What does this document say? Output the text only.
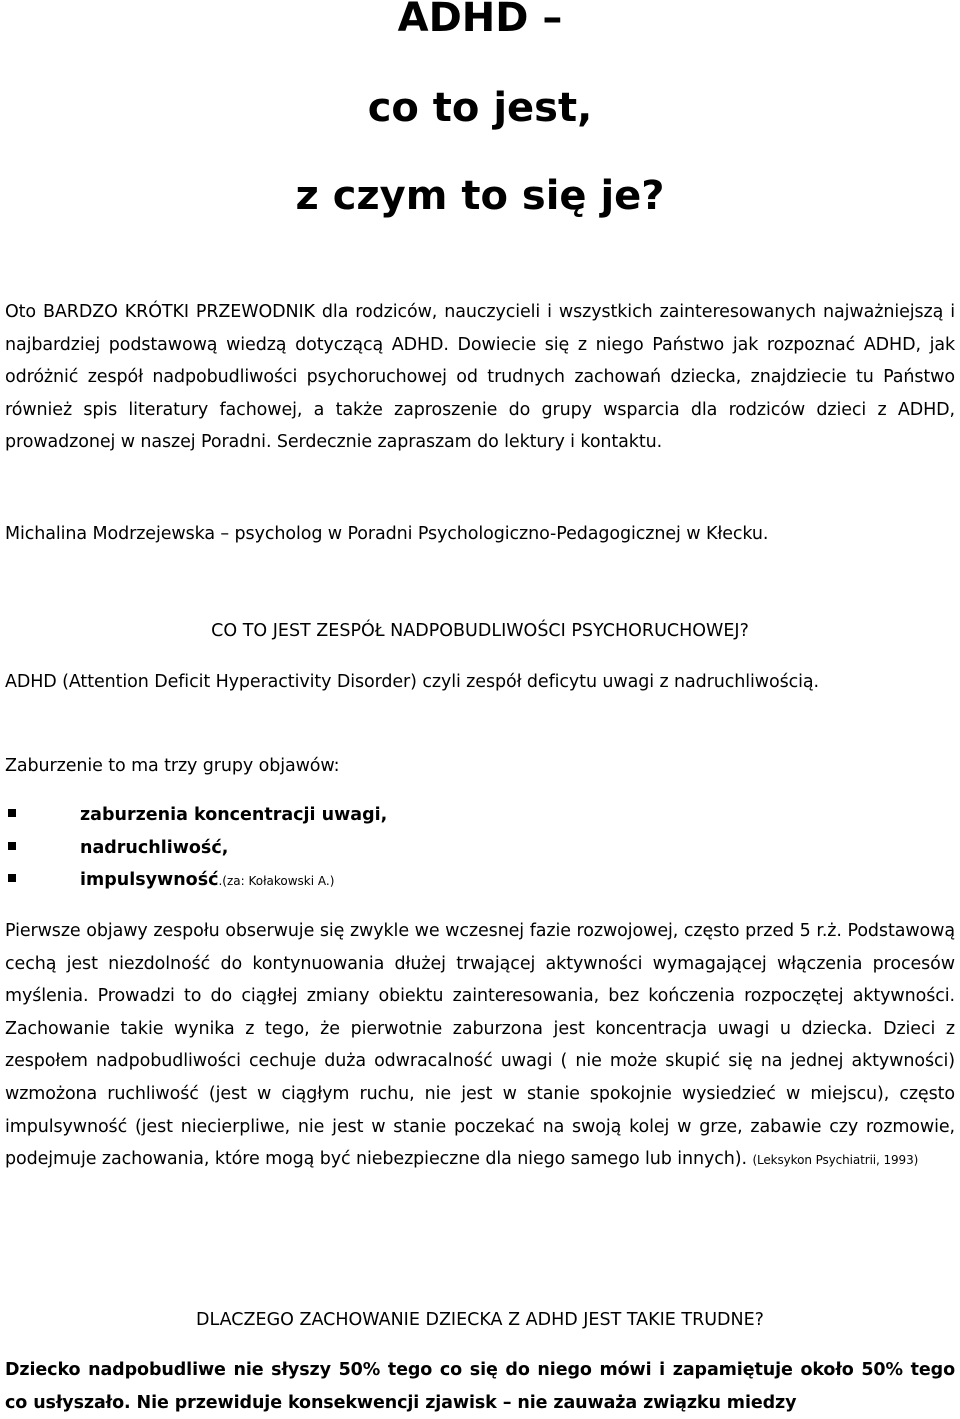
ADHD –
co to jest,
z czym to się je?

Oto BARDZO KRÓTKI PRZEWODNIK dla rodziców, nauczycieli i wszystkich zainteresowanych najważniejszą i najbardziej podstawową wiedzą dotyczącą ADHD. Dowiecie się z niego Państwo jak rozpoznać ADHD, jak odróżnić zespół nadpobudliwości psychoruchowej od trudnych zachowań dziecka, znajdziecie tu Państwo również spis literatury fachowej, a także zaproszenie do grupy wsparcia dla rodziców dzieci z ADHD, prowadzonej w naszej Poradni. Serdecznie zapraszam do lektury i kontaktu.

Michalina Modrzejewska – psycholog w Poradni Psychologiczno-Pedagogicznej w Kłecku.

CO TO JEST ZESPÓŁ NADPOBUDLIWOŚCI PSYCHORUCHOWEJ?

ADHD (Attention Deficit Hyperactivity Disorder) czyli zespół deficytu uwagi z nadruchliwością.

Zaburzenie to ma trzy grupy objawów:

zaburzenia koncentracji uwagi,
nadruchliwość,
impulsywność.(za: Kołakowski A.)

Pierwsze objawy zespołu obserwuje się zwykle we wczesnej fazie rozwojowej, często przed 5 r.ż. Podstawową cechą jest niezdolność do kontynuowania dłużej trwającej aktywności wymagającej włączenia procesów myślenia. Prowadzi to do ciągłej zmiany obiektu zainteresowania, bez kończenia rozpoczętej aktywności. Zachowanie takie wynika z tego, że pierwotnie zaburzona jest koncentracja uwagi u dziecka. Dzieci z zespołem nadpobudliwości cechuje duża odwracalność uwagi ( nie może skupić się na jednej aktywności) wzmożona ruchliwość (jest w ciągłym ruchu, nie jest w stanie spokojnie wysiedzieć w miejscu), często impulsywność (jest niecierpliwe, nie jest w stanie poczekać na swoją kolej w grze, zabawie czy rozmowie, podejmuje zachowania, które mogą być niebezpieczne dla niego samego lub innych). (Leksykon Psychiatrii, 1993)

DLACZEGO ZACHOWANIE DZIECKA Z ADHD JEST TAKIE TRUDNE?

Dziecko nadpobudliwe nie słyszy 50% tego co się do niego mówi i zapamiętuje około 50% tego co usłyszało. Nie przewiduje konsekwencji zjawisk – nie zauważa związku miedzy
